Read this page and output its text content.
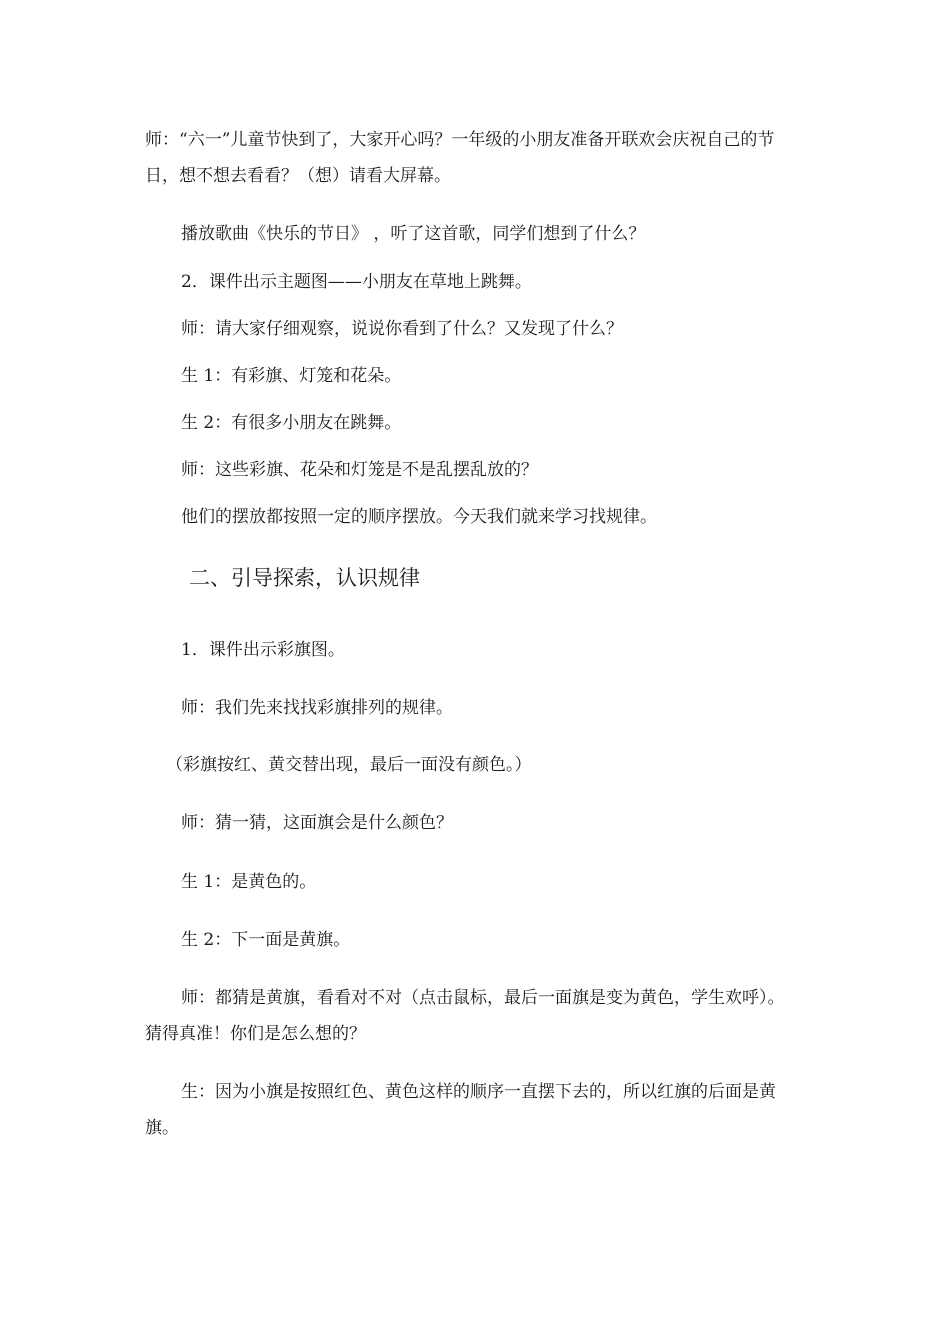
师：“六一”儿童节快到了，大家开心吗？一年级的小朋友准备开联欢会庆祝自己的节日，想不想去看看？（想）请看大屏幕。

播放歌曲《快乐的节日》 ，听了这首歌，同学们想到了什么？

2．课件出示主题图——小朋友在草地上跳舞。

师：请大家仔细观察，说说你看到了什么？又发现了什么？

生 1：有彩旗、灯笼和花朵。

生 2：有很多小朋友在跳舞。

师：这些彩旗、花朵和灯笼是不是乱摆乱放的？

他们的摆放都按照一定的顺序摆放。今天我们就来学习找规律。

二、引导探索，认识规律

1．课件出示彩旗图。

师：我们先来找找彩旗排列的规律。

（彩旗按红、黄交替出现，最后一面没有颜色。）

师：猜一猜，这面旗会是什么颜色？

生 1：是黄色的。

生 2：下一面是黄旗。

师：都猜是黄旗，看看对不对（点击鼠标，最后一面旗是变为黄色，学生欢呼）。猜得真准！你们是怎么想的？

生：因为小旗是按照红色、黄色这样的顺序一直摆下去的，所以红旗的后面是黄旗。
